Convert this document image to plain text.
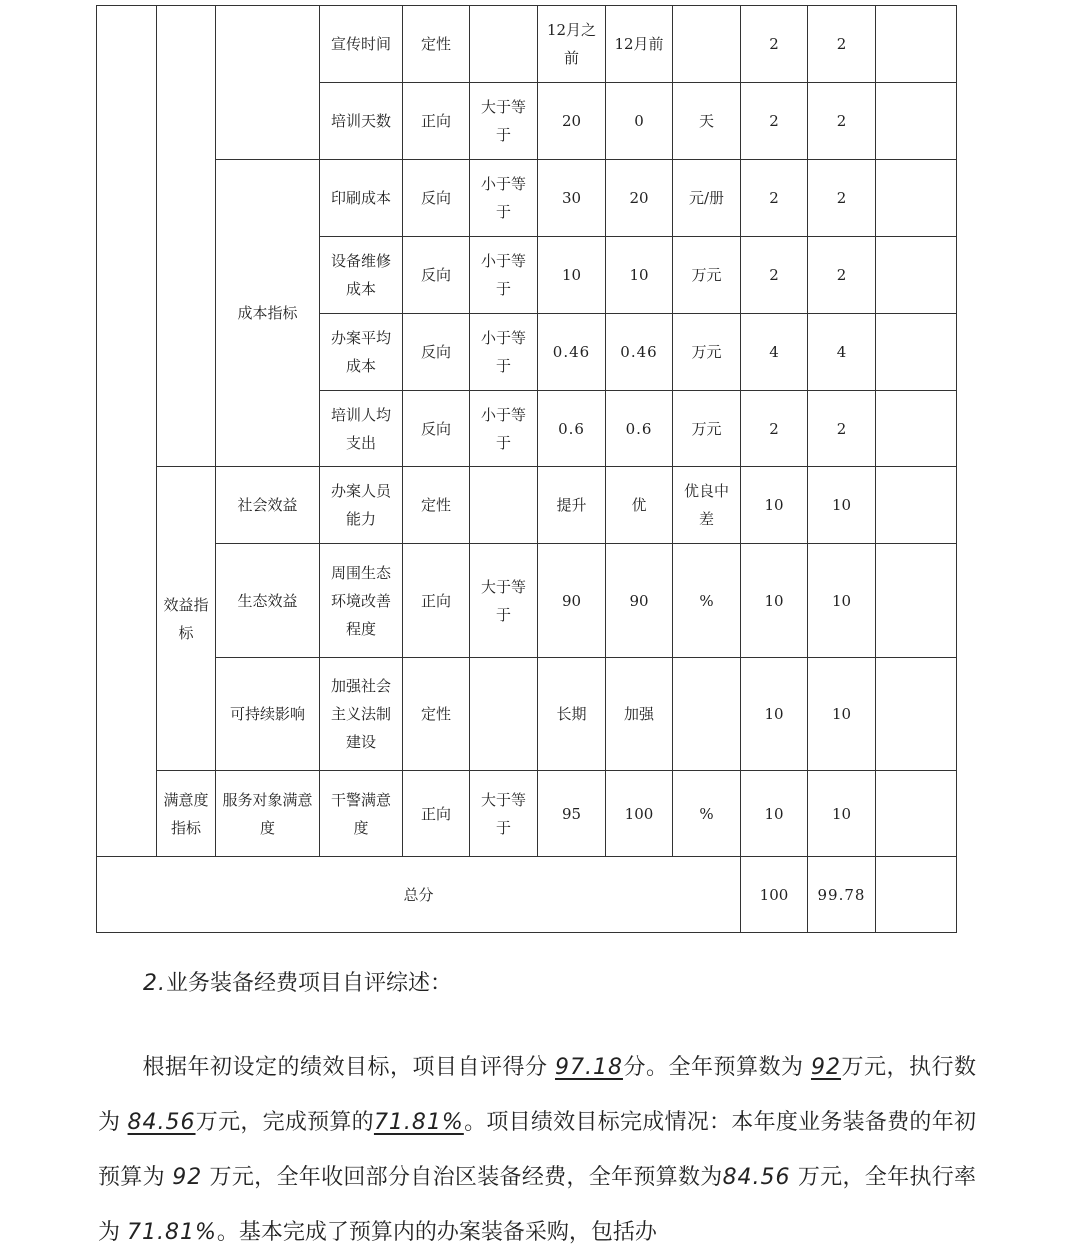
			宣传时间	定性		12月之前	12月前		2	2	
			培训天数	正向	大于等于	20	0	天	2	2	
		成本指标	印刷成本	反向	小于等于	30	20	元/册	2	2	
			设备维修成本	反向	小于等于	10	10	万元	2	2	
			办案平均成本	反向	小于等于	0.46	0.46	万元	4	4	
			培训人均支出	反向	小于等于	0.6	0.6	万元	2	2	
	效益指标	社会效益	办案人员能力	定性		提升	优	优良中差	10	10	
		生态效益	周围生态环境改善程度	正向	大于等于	90	90	%	10	10	
		可持续影响	加强社会主义法制建设	定性		长期	加强		10	10	
	满意度指标	服务对象满意度	干警满意度	正向	大于等于	95	100	%	10	10	
总分									100	99.78	
2.业务装备经费项目自评综述：
根据年初设定的绩效目标，项目自评得分 97.18分。全年预算数为 92万元，执行数为 84.56万元，完成预算的71.81%。项目绩效目标完成情况：本年度业务装备费的年初预算为 92 万元，全年收回部分自治区装备经费，全年预算数为84.56 万元，全年执行率为 71.81%。基本完成了预算内的办案装备采购，包括办
